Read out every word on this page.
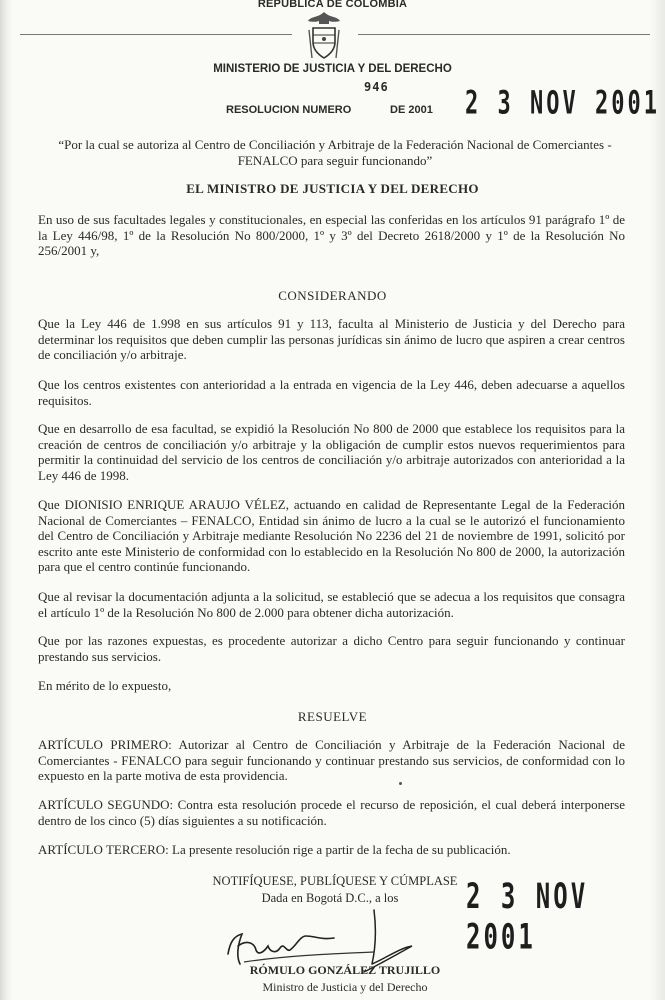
REPUBLICA DE COLOMBIA
MINISTERIO DE JUSTICIA Y DEL DERECHO
946
RESOLUCION NUMERO	DE 2001 2 3 NOV 2001
“Por la cual se autoriza al Centro de Conciliación y Arbitraje de la Federación Nacional de Comerciantes - FENALCO para seguir funcionando”
EL MINISTRO DE JUSTICIA Y DEL DERECHO
En uso de sus facultades legales y constitucionales, en especial las conferidas en los artículos 91 parágrafo 1º de la Ley 446/98, 1º de la Resolución No 800/2000, 1º y 3º del Decreto 2618/2000 y 1º de la Resolución No 256/2001 y,
CONSIDERANDO
Que la Ley 446 de 1.998 en sus artículos 91 y 113, faculta al Ministerio de Justicia y del Derecho para determinar los requisitos que deben cumplir las personas jurídicas sin ánimo de lucro que aspiren a crear centros de conciliación y/o arbitraje.
Que los centros existentes con anterioridad a la entrada en vigencia de la Ley 446, deben adecuarse a aquellos requisitos.
Que en desarrollo de esa facultad, se expidió la Resolución No 800 de 2000 que establece los requisitos para la creación de centros de conciliación y/o arbitraje y la obligación de cumplir estos nuevos requerimientos para permitir la continuidad del servicio de los centros de conciliación y/o arbitraje autorizados con anterioridad a la Ley 446 de 1998.
Que DIONISIO ENRIQUE ARAUJO VÉLEZ, actuando en calidad de Representante Legal de la Federación Nacional de Comerciantes – FENALCO, Entidad sin ánimo de lucro a la cual se le autorizó el funcionamiento del Centro de Conciliación y Arbitraje mediante Resolución No 2236 del 21 de noviembre de 1991, solicitó por escrito ante este Ministerio de conformidad con lo establecido en la Resolución No 800 de 2000, la autorización para que el centro continúe funcionando.
Que al revisar la documentación adjunta a la solicitud, se estableció que se adecua a los requisitos que consagra el artículo 1º de la Resolución No 800 de 2.000 para obtener dicha autorización.
Que por las razones expuestas, es procedente autorizar a dicho Centro para seguir funcionando y continuar prestando sus servicios.
En mérito de lo expuesto,
RESUELVE
ARTÍCULO PRIMERO: Autorizar al Centro de Conciliación y Arbitraje de la Federación Nacional de Comerciantes - FENALCO para seguir funcionando y continuar prestando sus servicios, de conformidad con lo expuesto en la parte motiva de esta providencia.
ARTÍCULO SEGUNDO: Contra esta resolución procede el recurso de reposición, el cual deberá interponerse dentro de los cinco (5) días siguientes a su notificación.
ARTÍCULO TERCERO: La presente resolución rige a partir de la fecha de su publicación.
NOTIFÍQUESE, PUBLÍQUESE Y CÚMPLASE
Dada en Bogotá D.C., a los	2 3 NOV 2001
RÓMULO GONZÁLEZ TRUJILLO
Ministro de Justicia y del Derecho
